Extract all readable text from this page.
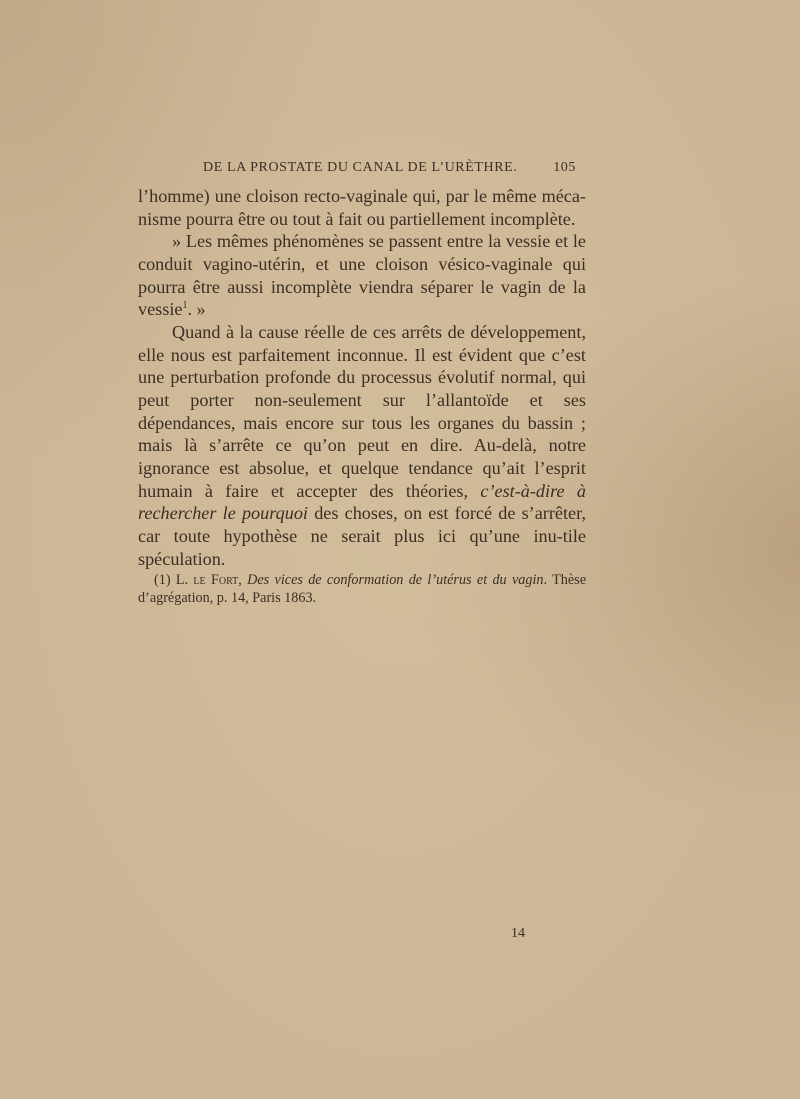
DE LA PROSTATE DU CANAL DE L’URÈTHRE.	105

l’homme) une cloison recto-vaginale qui, par le même méca-nisme pourra être ou tout à fait ou partiellement incomplète.

» Les mêmes phénomènes se passent entre la vessie et le conduit vagino-utérin, et une cloison vésico-vaginale qui pourra être aussi incomplète viendra séparer le vagin de la vessie$^1$. »

Quand à la cause réelle de ces arrêts de développement, elle nous est parfaitement inconnue. Il est évident que c’est une perturbation profonde du processus évolutif normal, qui peut porter non-seulement sur l’allantoïde et ses dépendances, mais encore sur tous les organes du bassin ; mais là s’arrête ce qu’on peut en dire. Au-delà, notre ignorance est absolue, et quelque tendance qu’ait l’esprit humain à faire et accepter des théories, c’est-à-dire à rechercher le pourquoi des choses, on est forcé de s’arrêter, car toute hypothèse ne serait plus ici qu’une inu-tile spéculation.

(1) L. le Fort, Des vices de conformation de l’utérus et du vagin. Thèse d’agrégation, p. 14, Paris 1863.

14
